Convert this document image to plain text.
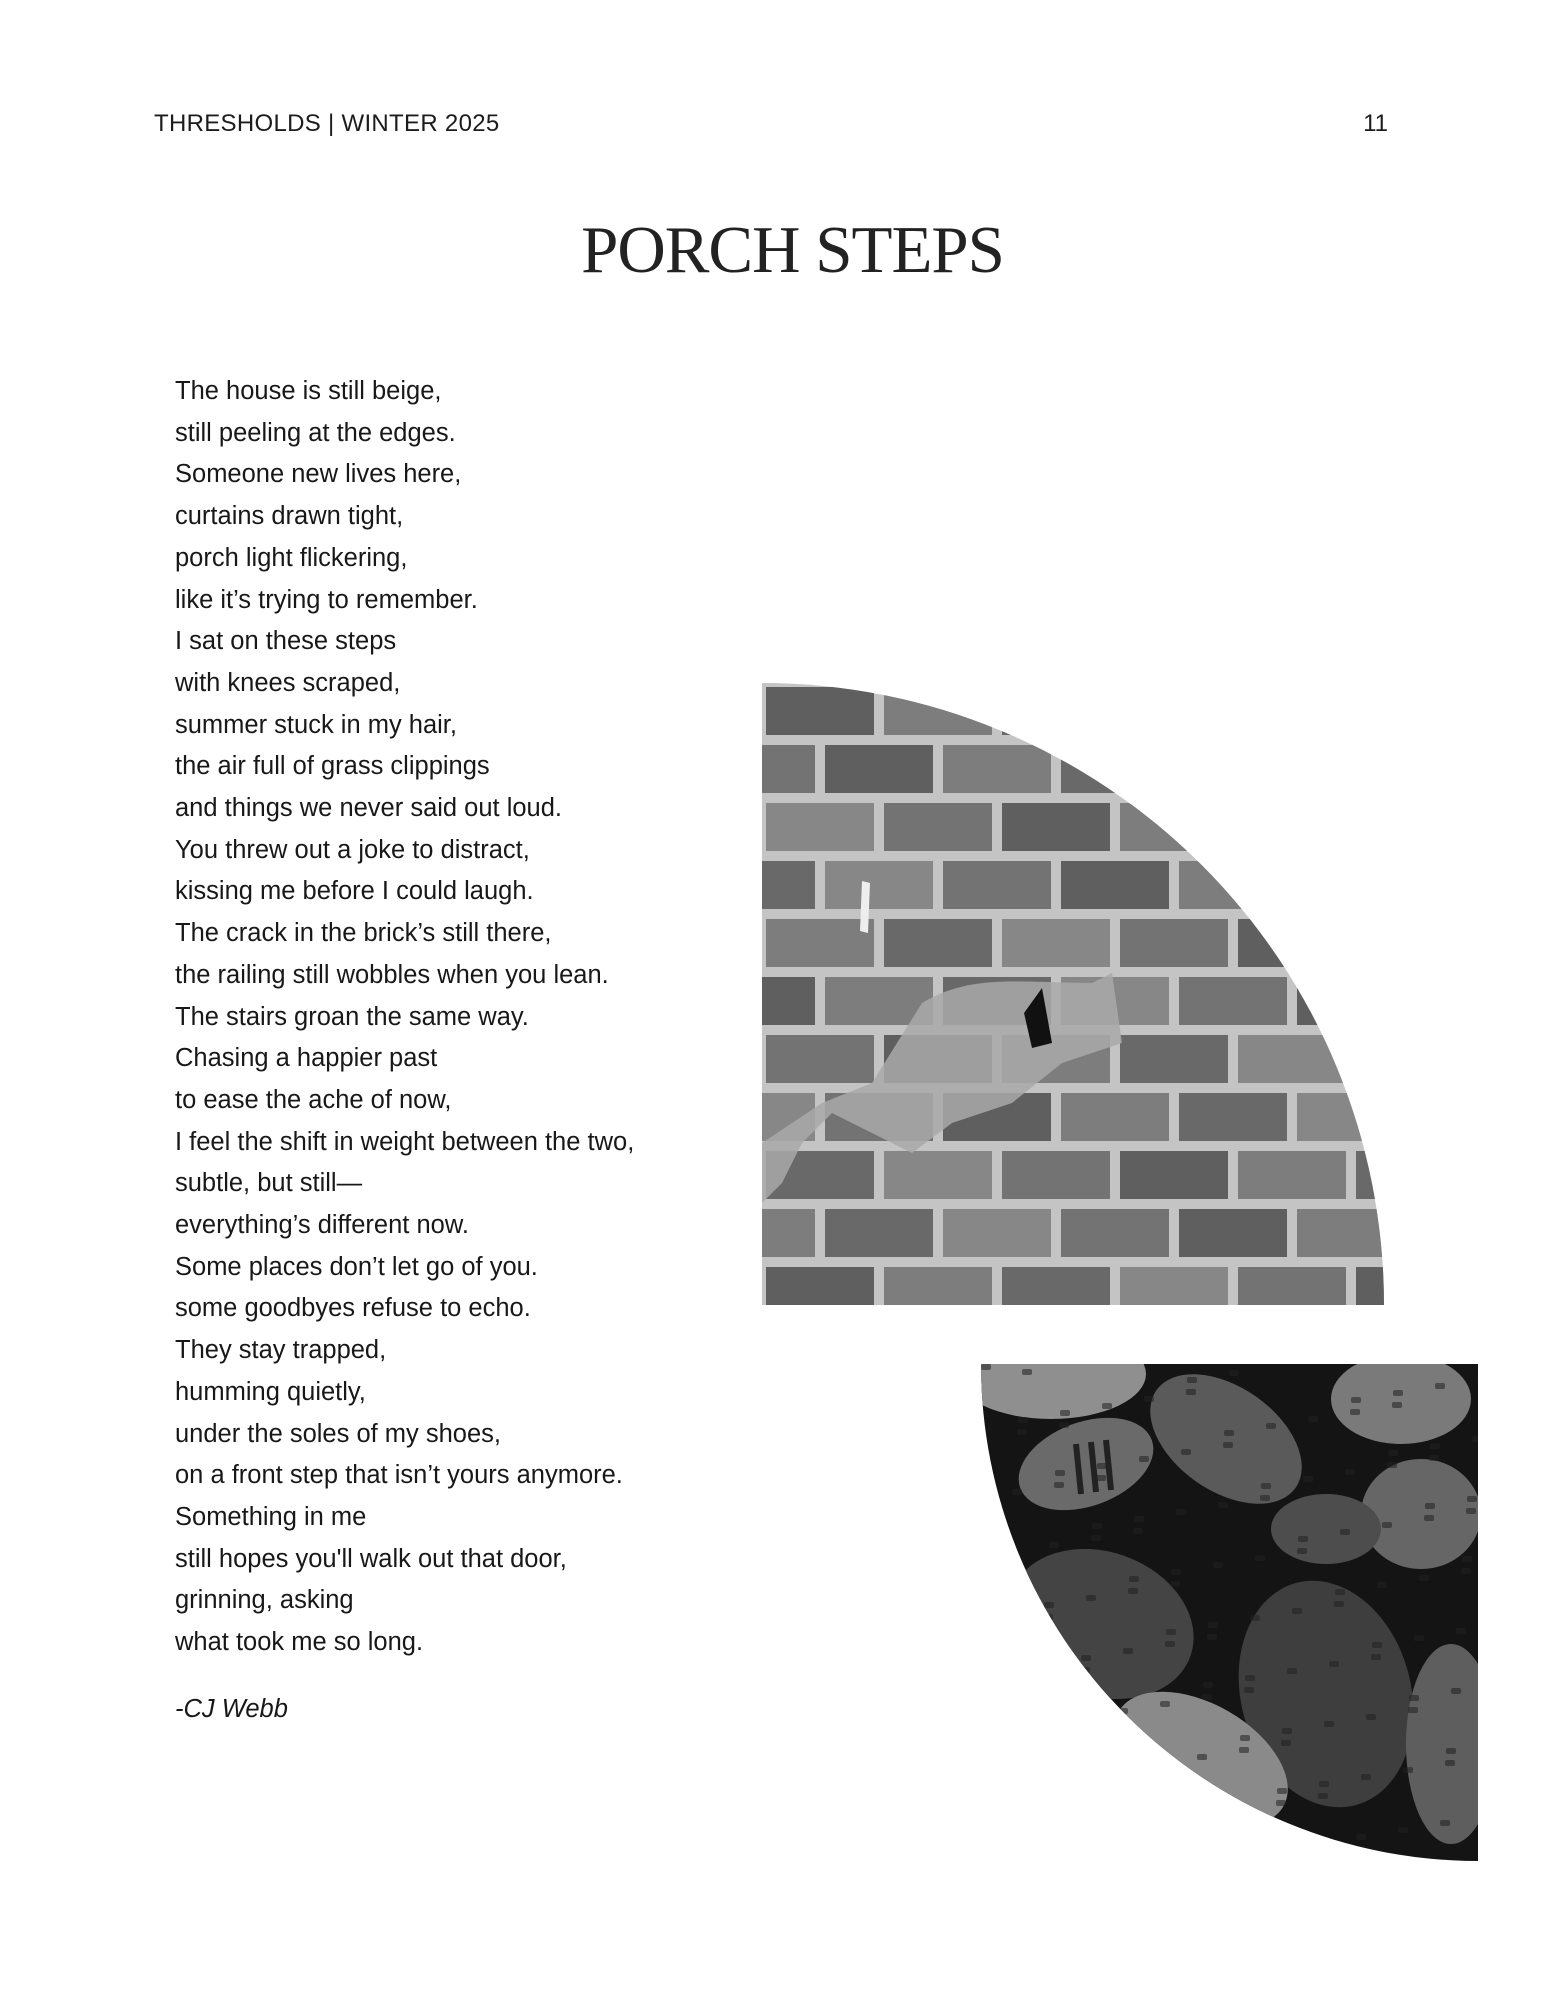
THRESHOLDS | WINTER 2025	11
PORCH STEPS
The house is still beige,
still peeling at the edges.
Someone new lives here,
curtains drawn tight,
porch light flickering,
like it’s trying to remember.
I sat on these steps
with knees scraped,
summer stuck in my hair,
the air full of grass clippings
and things we never said out loud.
You threw out a joke to distract,
kissing me before I could laugh.
The crack in the brick’s still there,
the railing still wobbles when you lean.
The stairs groan the same way.
Chasing a happier past
to ease the ache of now,
I feel the shift in weight between the two,
subtle, but still—
everything’s different now.
Some places don’t let go of you.
some goodbyes refuse to echo.
They stay trapped,
humming quietly,
under the soles of my shoes,
on a front step that isn’t yours anymore.
Something in me
still hopes you'll walk out that door,
grinning, asking
what took me so long.
-CJ Webb
